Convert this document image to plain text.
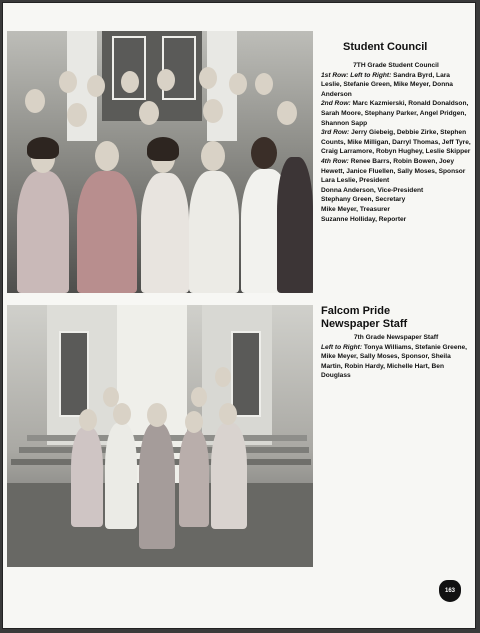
Student Council
7TH Grade Student Council
1st Row: Left to Right: Sandra Byrd, Lara Leslie, Stefanie Green, Mike Meyer, Donna Anderson
2nd Row: Marc Kazmierski, Ronald Donaldson, Sarah Moore, Stephany Parker, Angel Pridgen, Shannon Sapp
3rd Row: Jerry Giebeig, Debbie Zirke, Stephen Counts, Mike Milligan, Darryl Thomas, Jeff Tyre, Craig Larramore, Robyn Hughey, Leslie Skipper
4th Row: Renee Barrs, Robin Bowen, Joey Hewett, Janice Fluellen, Sally Moses, Sponsor
Lara Leslie, President
Donna Anderson, Vice-President
Stephany Green, Secretary
Mike Meyer, Treasurer
Suzanne Holliday, Reporter
Falcom Pride
Newspaper Staff
7th Grade Newspaper Staff
Left to Right: Tonya Williams, Stefanie Greene, Mike Meyer, Sally Moses, Sponsor, Sheila Martin, Robin Hardy, Michelle Hart, Ben Douglass
163
